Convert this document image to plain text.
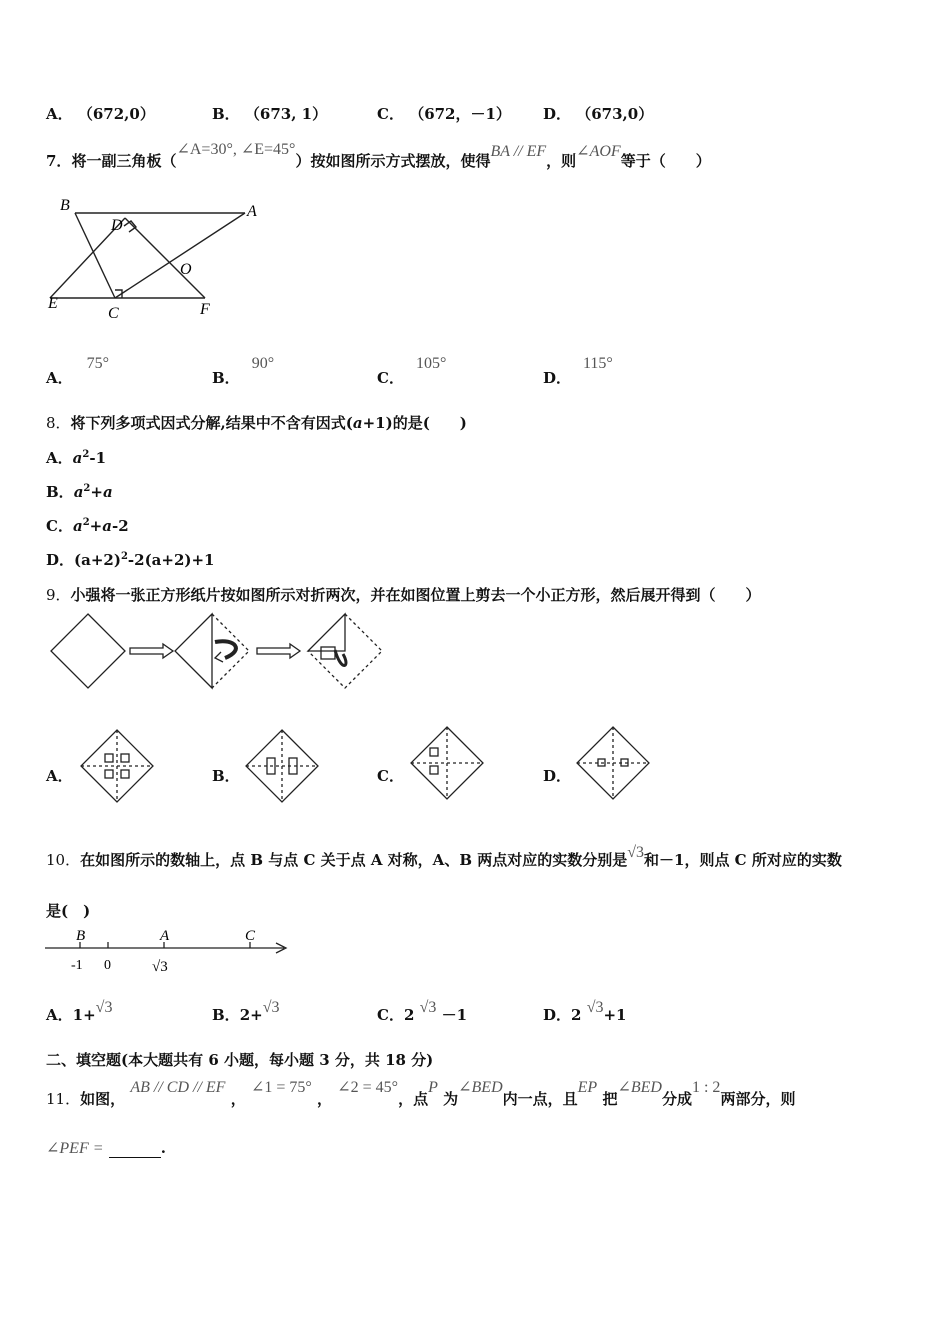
A． （672,0）	B． （673, 1）	C． （672，－1） D． （673,0）
7．将一副三角板（∠A=30°, ∠E=45°）按如图所示方式摆放，使得BA // EF，则∠AOF等于（　　）
B
D
A
O
E
C	F
A．75°
B．90°
C．105°
D．115°
8．将下列多项式因式分解,结果中不含有因式(a+1)的是(　　)
A．$a^2-1$
B．$a^2+a$
C．$a^2+a-2$
D．$(a+2)^2-2(a+2)+1$
9．小强将一张正方形纸片按如图所示对折两次，并在如图位置上剪去一个小正方形，然后展开得到（　　）
A．	B．	C．	D．
10．在如图所示的数轴上，点 B 与点 C 关于点 A 对称，A、B 两点对应的实数分别是√3和－1，则点 C 所对应的实数
是(　)
B	A	C
-1 0	√3
A．1+√3	B．2+√3	C．2 √3 －1	D．2 √3+1
二、填空题(本大题共有 6 小题，每小题 3 分，共 18 分)
11．如图， AB // CD // EF ， ∠1 = 75° ， ∠2 = 45°，点P 为∠BED内一点，且EP 把∠BED分成1 : 2两部分，则
∠PEF =	.
